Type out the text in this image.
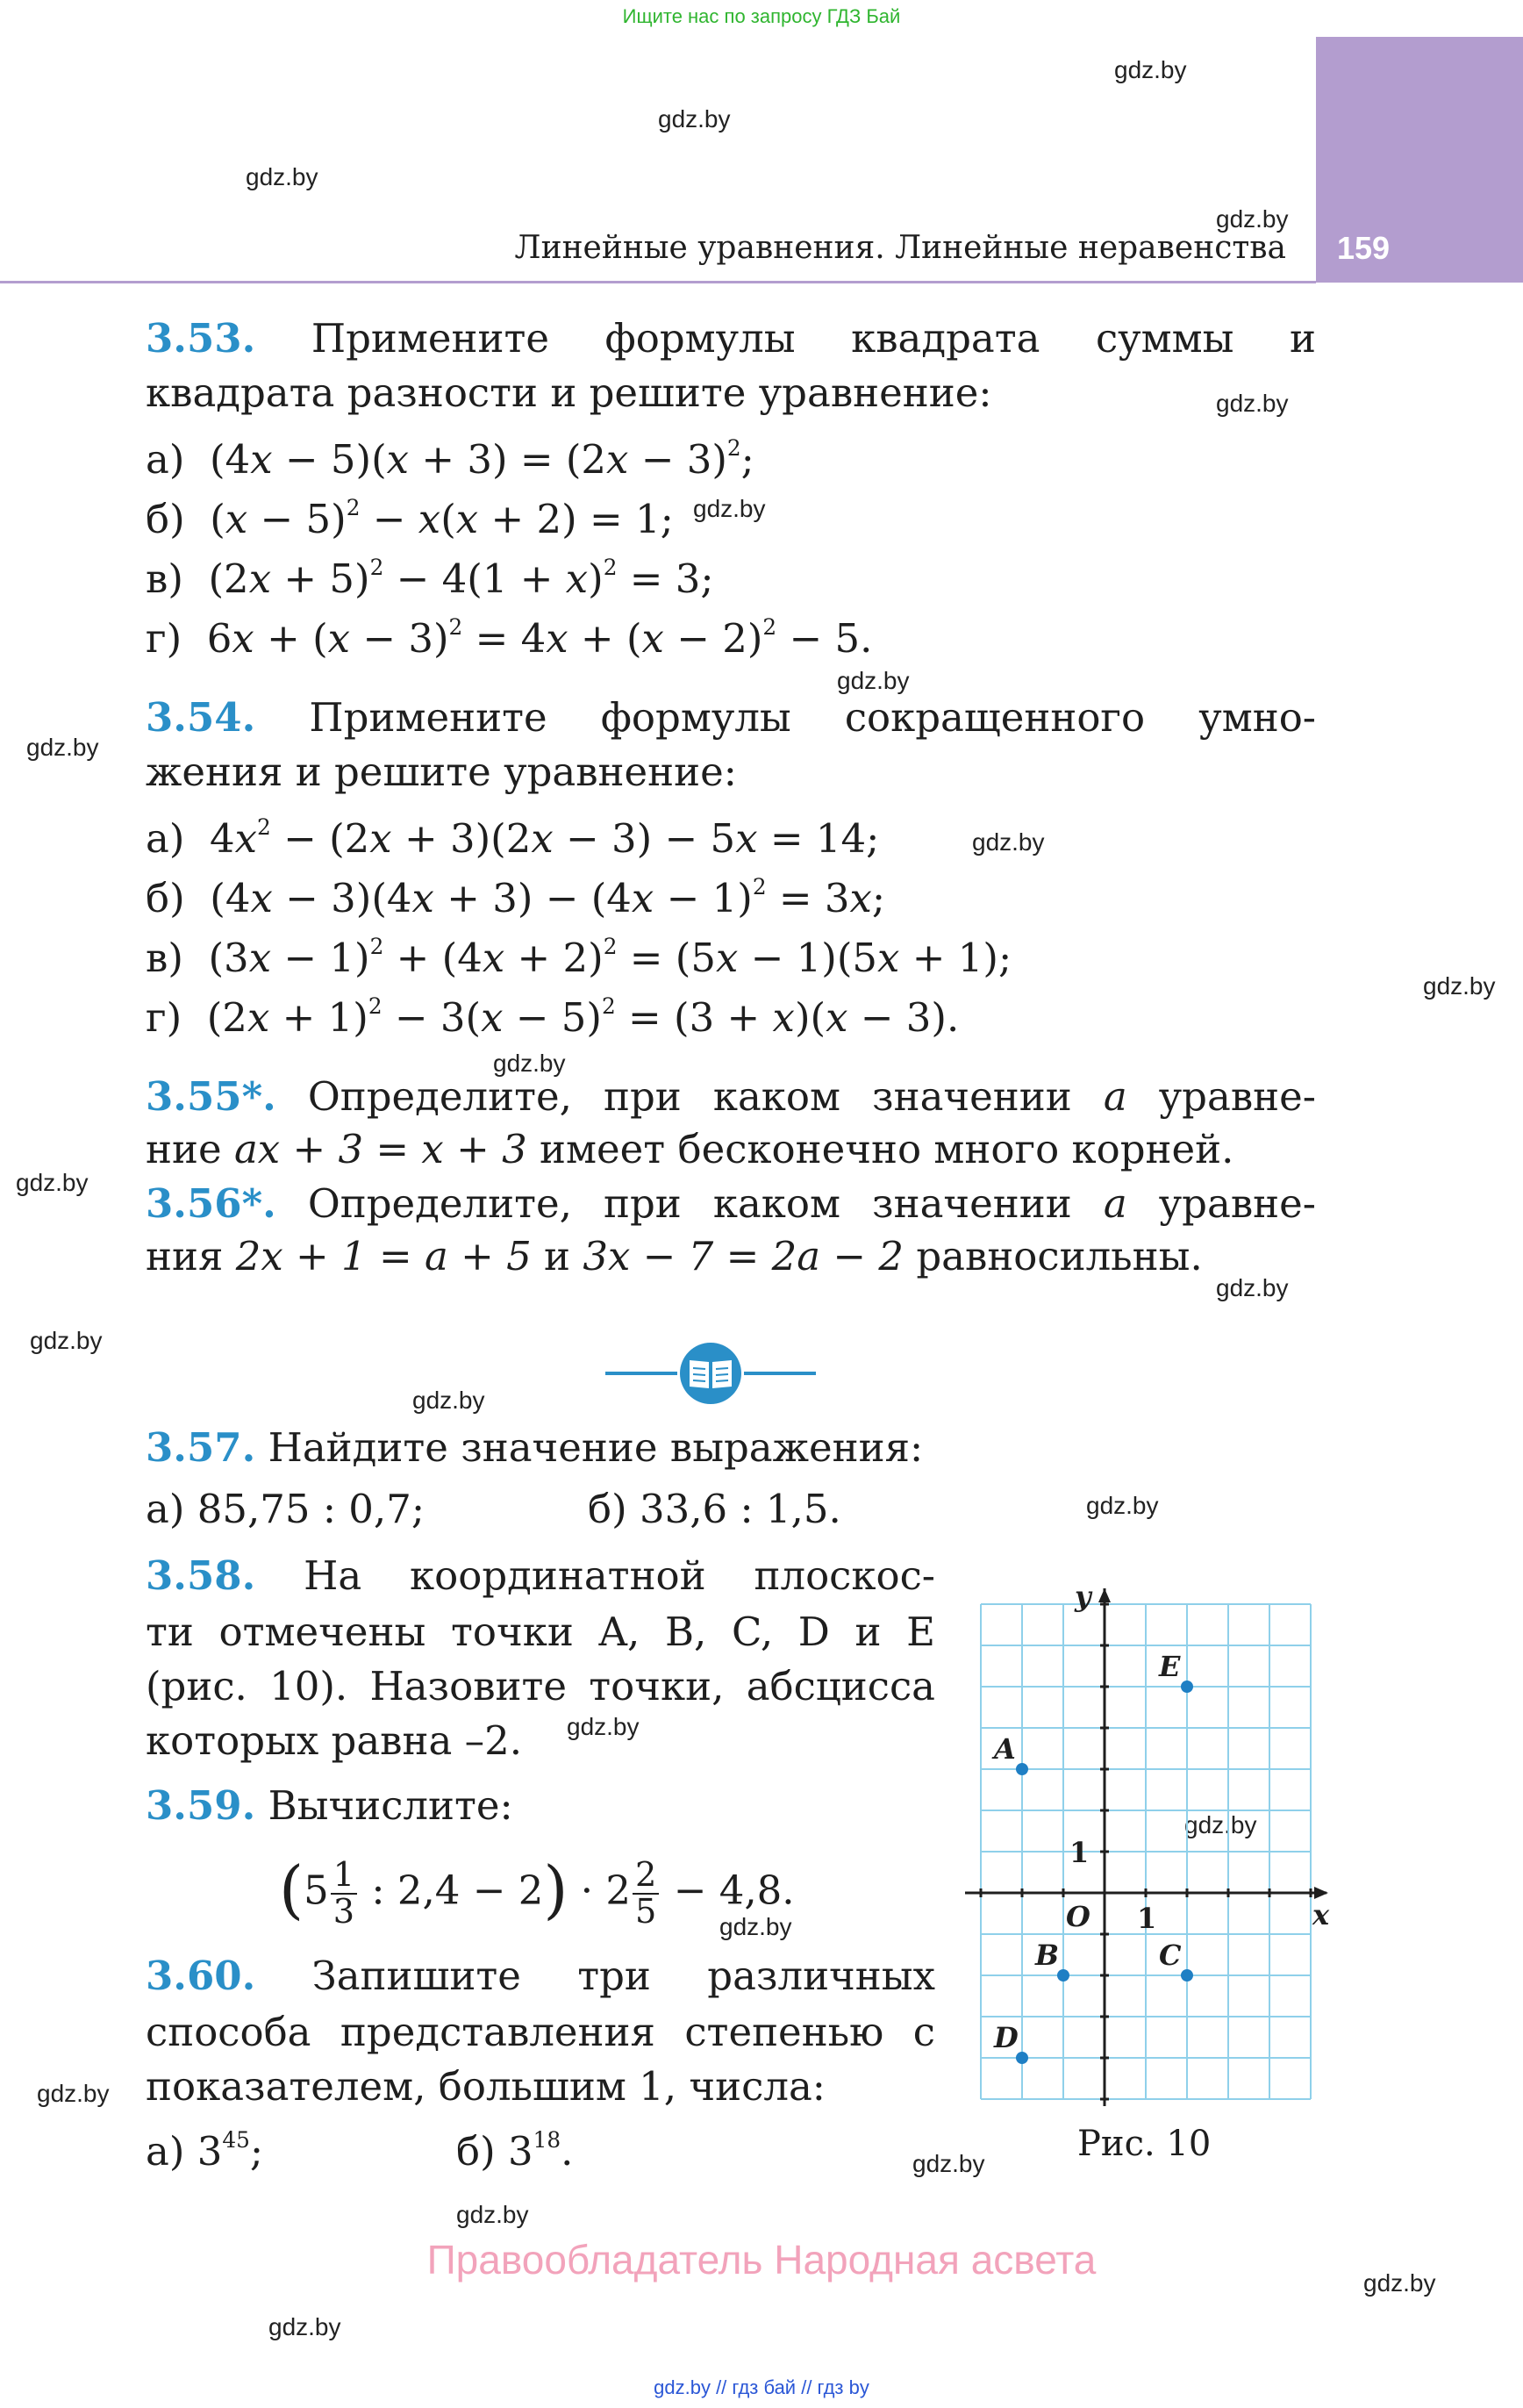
Ищите нас по запросу ГДЗ Бай
159
Линейные уравнения. Линейные неравенства
gdz.by
gdz.by
gdz.by
gdz.by
gdz.by
gdz.by
gdz.by
gdz.by
gdz.by
gdz.by
gdz.by
gdz.by
gdz.by
gdz.by
gdz.by
gdz.by
gdz.by
gdz.by
gdz.by
gdz.by
gdz.by
gdz.by
gdz.by
gdz.by
3.53. Примените формулы квадрата суммы и
квадрата разности и решите уравнение:
а)  $(4x - 5)(x + 3) = (2x - 3)^2$;
б)  $(x - 5)^2 - x(x + 2) = 1$;
в)  $(2x + 5)^2 - 4(1 + x)^2 = 3$;
г)  $6x + (x - 3)^2 = 4x + (x - 2)^2 - 5$.
3.54. Примените формулы сокращенного умно-
жения и решите уравнение:
а)  $4x^2 - (2x + 3)(2x - 3) - 5x = 14$;
б)  $(4x - 3)(4x + 3) - (4x - 1)^2 = 3x$;
в)  $(3x - 1)^2 + (4x + 2)^2 = (5x - 1)(5x + 1)$;
г)  $(2x + 1)^2 - 3(x - 5)^2 = (3 + x)(x - 3)$.
3.55*. Определите, при каком значении a уравне-
ние ax + 3 = x + 3 имеет бесконечно много корней.
3.56*. Определите, при каком значении a уравне-
ния 2x + 1 = a + 5 и 3x − 7 = 2a − 2 равносильны.
3.57. Найдите значение выражения:
а) 85,75 : 0,7;	б) 33,6 : 1,5.
3.58. На координатной плоскос-
ти отмечены точки A, B, C, D и E
(рис. 10). Назовите точки, абсцисса
которых равна –2.
3.59. Вычислите:
($5 \frac{1}{3}$ : $2,4 - 2) \cdot 2 \frac{2}{5} - 4,8$.
3.60. Запишите три различных
способа представления степенью с
показателем, большим 1, числа:
а) $3^{45}$;	б) $3^{18}$.
x
y
O 1
1
A
B	C
D
E
Рис. 10
Правообладатель Народная асвета
gdz.by // гдз бай // гдз by
